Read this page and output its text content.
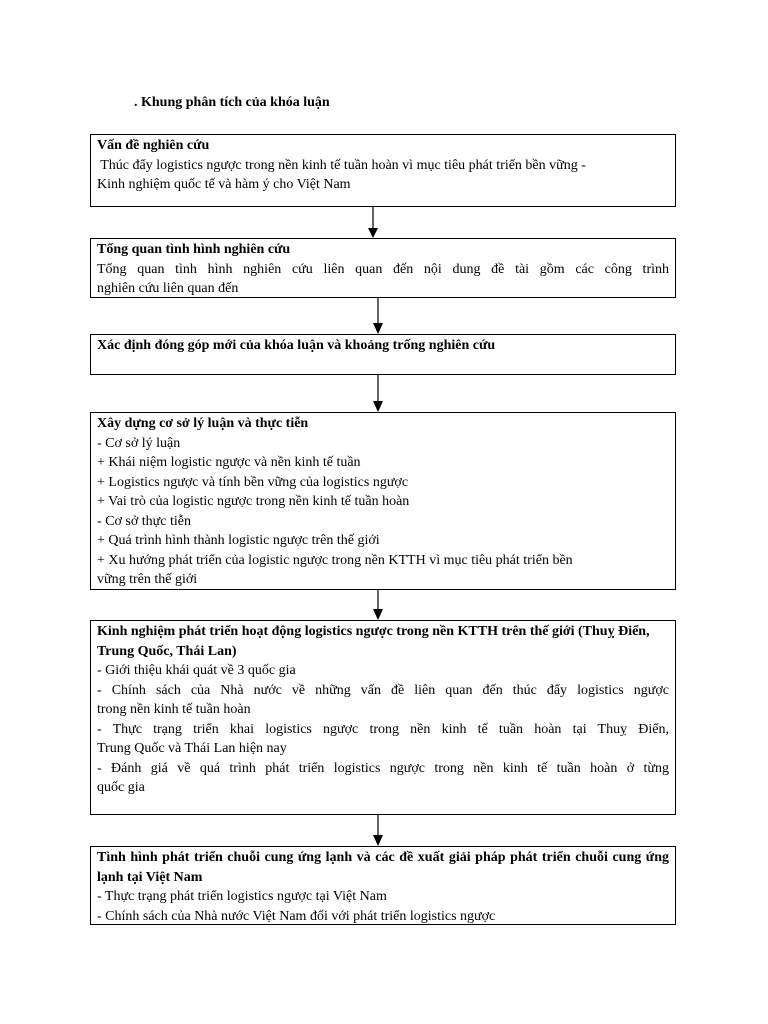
. Khung phân tích của khóa luận
Vấn đề nghiên cứu
Thúc đẩy logistics ngược trong nền kinh tế tuần hoàn vì mục tiêu phát triển bền vững -
Kinh nghiệm quốc tế và hàm ý cho Việt Nam
Tổng quan tình hình nghiên cứu
Tổng quan tình hình nghiên cứu liên quan đến nội dung đề tài gồm các công trình
nghiên cứu liên quan đến
Xác định đóng góp mới của khóa luận và khoảng trống nghiên cứu
Xây dựng cơ sở lý luận và thực tiễn
- Cơ sở lý luận
+ Khái niệm logistic ngược và nền kinh tế tuần
+ Logistics ngược và tính bền vững của logistics ngược
+ Vai trò của logistic ngược trong nền kinh tế tuần hoàn
- Cơ sở thực tiễn
+ Quá trình hình thành logistic ngược trên thế giới
+ Xu hướng phát triển của logistic ngược trong nền KTTH vì mục tiêu phát triển bền
vững trên thế giới
Kinh nghiệm phát triển hoạt động logistics ngược trong nền KTTH trên thế giới (Thuỵ Điển, Trung Quốc, Thái Lan)
- Giới thiệu khái quát về 3 quốc gia
- Chính sách của Nhà nước về những vấn đề liên quan đến thúc đẩy logistics ngược
trong nền kinh tế tuần hoàn
- Thực trạng triển khai logistics ngược trong nền kinh tế tuần hoàn tại Thuỵ Điển,
Trung Quốc và Thái Lan hiện nay
- Đánh giá về quá trình phát triển logistics ngược trong nền kinh tế tuần hoàn ở từng
quốc gia
Tình hình phát triển chuỗi cung ứng lạnh và các đề xuất giải pháp phát triển chuỗi cung ứng lạnh tại Việt Nam
- Thực trạng phát triển logistics ngược tại Việt Nam
- Chính sách của Nhà nước Việt Nam đối với phát triển logistics ngược
